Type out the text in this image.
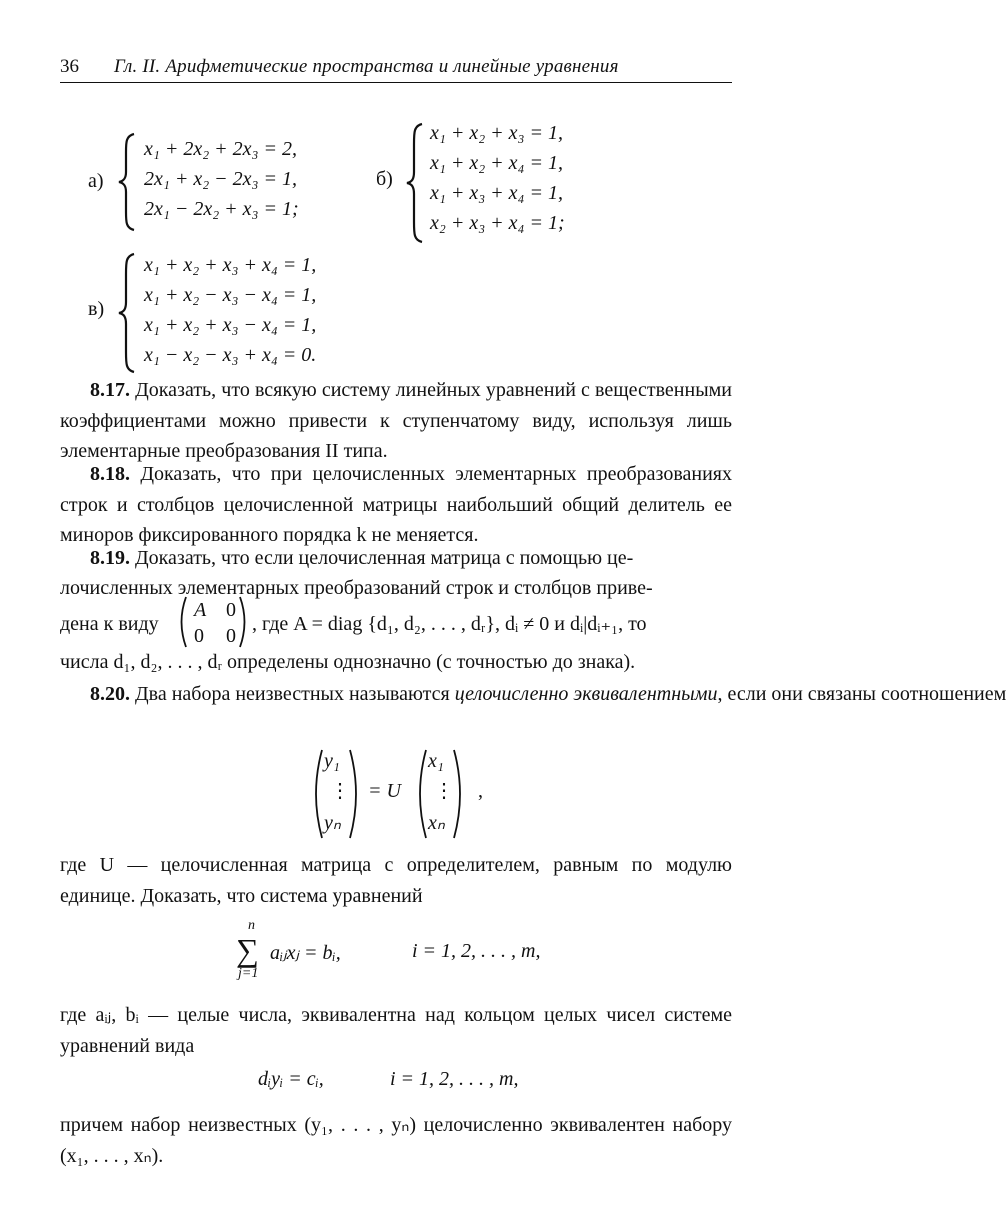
36 Гл. II. Арифметические пространства и линейные уравнения
а)
x₁ + 2x₂ + 2x₃ = 2,
2x₁ + x₂ − 2x₃ = 1,
2x₁ − 2x₂ + x₃ = 1;
б)
x₁ + x₂ + x₃ = 1,
x₁ + x₂ + x₄ = 1,
x₁ + x₃ + x₄ = 1,
x₂ + x₃ + x₄ = 1;
в)
x₁ + x₂ + x₃ + x₄ = 1,
x₁ + x₂ − x₃ − x₄ = 1,
x₁ + x₂ + x₃ − x₄ = 1,
x₁ − x₂ − x₃ + x₄ = 0.
8.17. Доказать, что всякую систему линейных уравнений с вещественными коэффициентами можно привести к ступенчатому виду, используя лишь элементарные преобразования II типа.
8.18. Доказать, что при целочисленных элементарных преобразованиях строк и столбцов целочисленной матрицы наибольший общий делитель ее миноров фиксированного порядка k не меняется.
8.19. Доказать, что если целочисленная матрица с помощью це-
лочисленных элементарных преобразований строк и столбцов приве-
дена к виду
A 0
0 0
, где A = diag {d₁, d₂, . . . , dᵣ}, dᵢ ≠ 0 и dᵢ|dᵢ₊₁, то
числа d₁, d₂, . . . , dᵣ определены однозначно (с точностью до знака).
8.20. Два набора неизвестных называются целочисленно эквивалентными, если они связаны соотношением
y₁
⋮
yₙ
= U
x₁
⋮
xₙ
,
где U — целочисленная матрица с определителем, равным по модулю единице. Доказать, что система уравнений
n
∑
j=1
aᵢⱼxⱼ = bᵢ,	i = 1, 2, . . . , m,
где aᵢⱼ, bᵢ — целые числа, эквивалентна над кольцом целых чисел системе уравнений вида
dᵢyᵢ = cᵢ,	i = 1, 2, . . . , m,
причем набор неизвестных (y₁, . . . , yₙ) целочисленно эквивалентен набору (x₁, . . . , xₙ).
